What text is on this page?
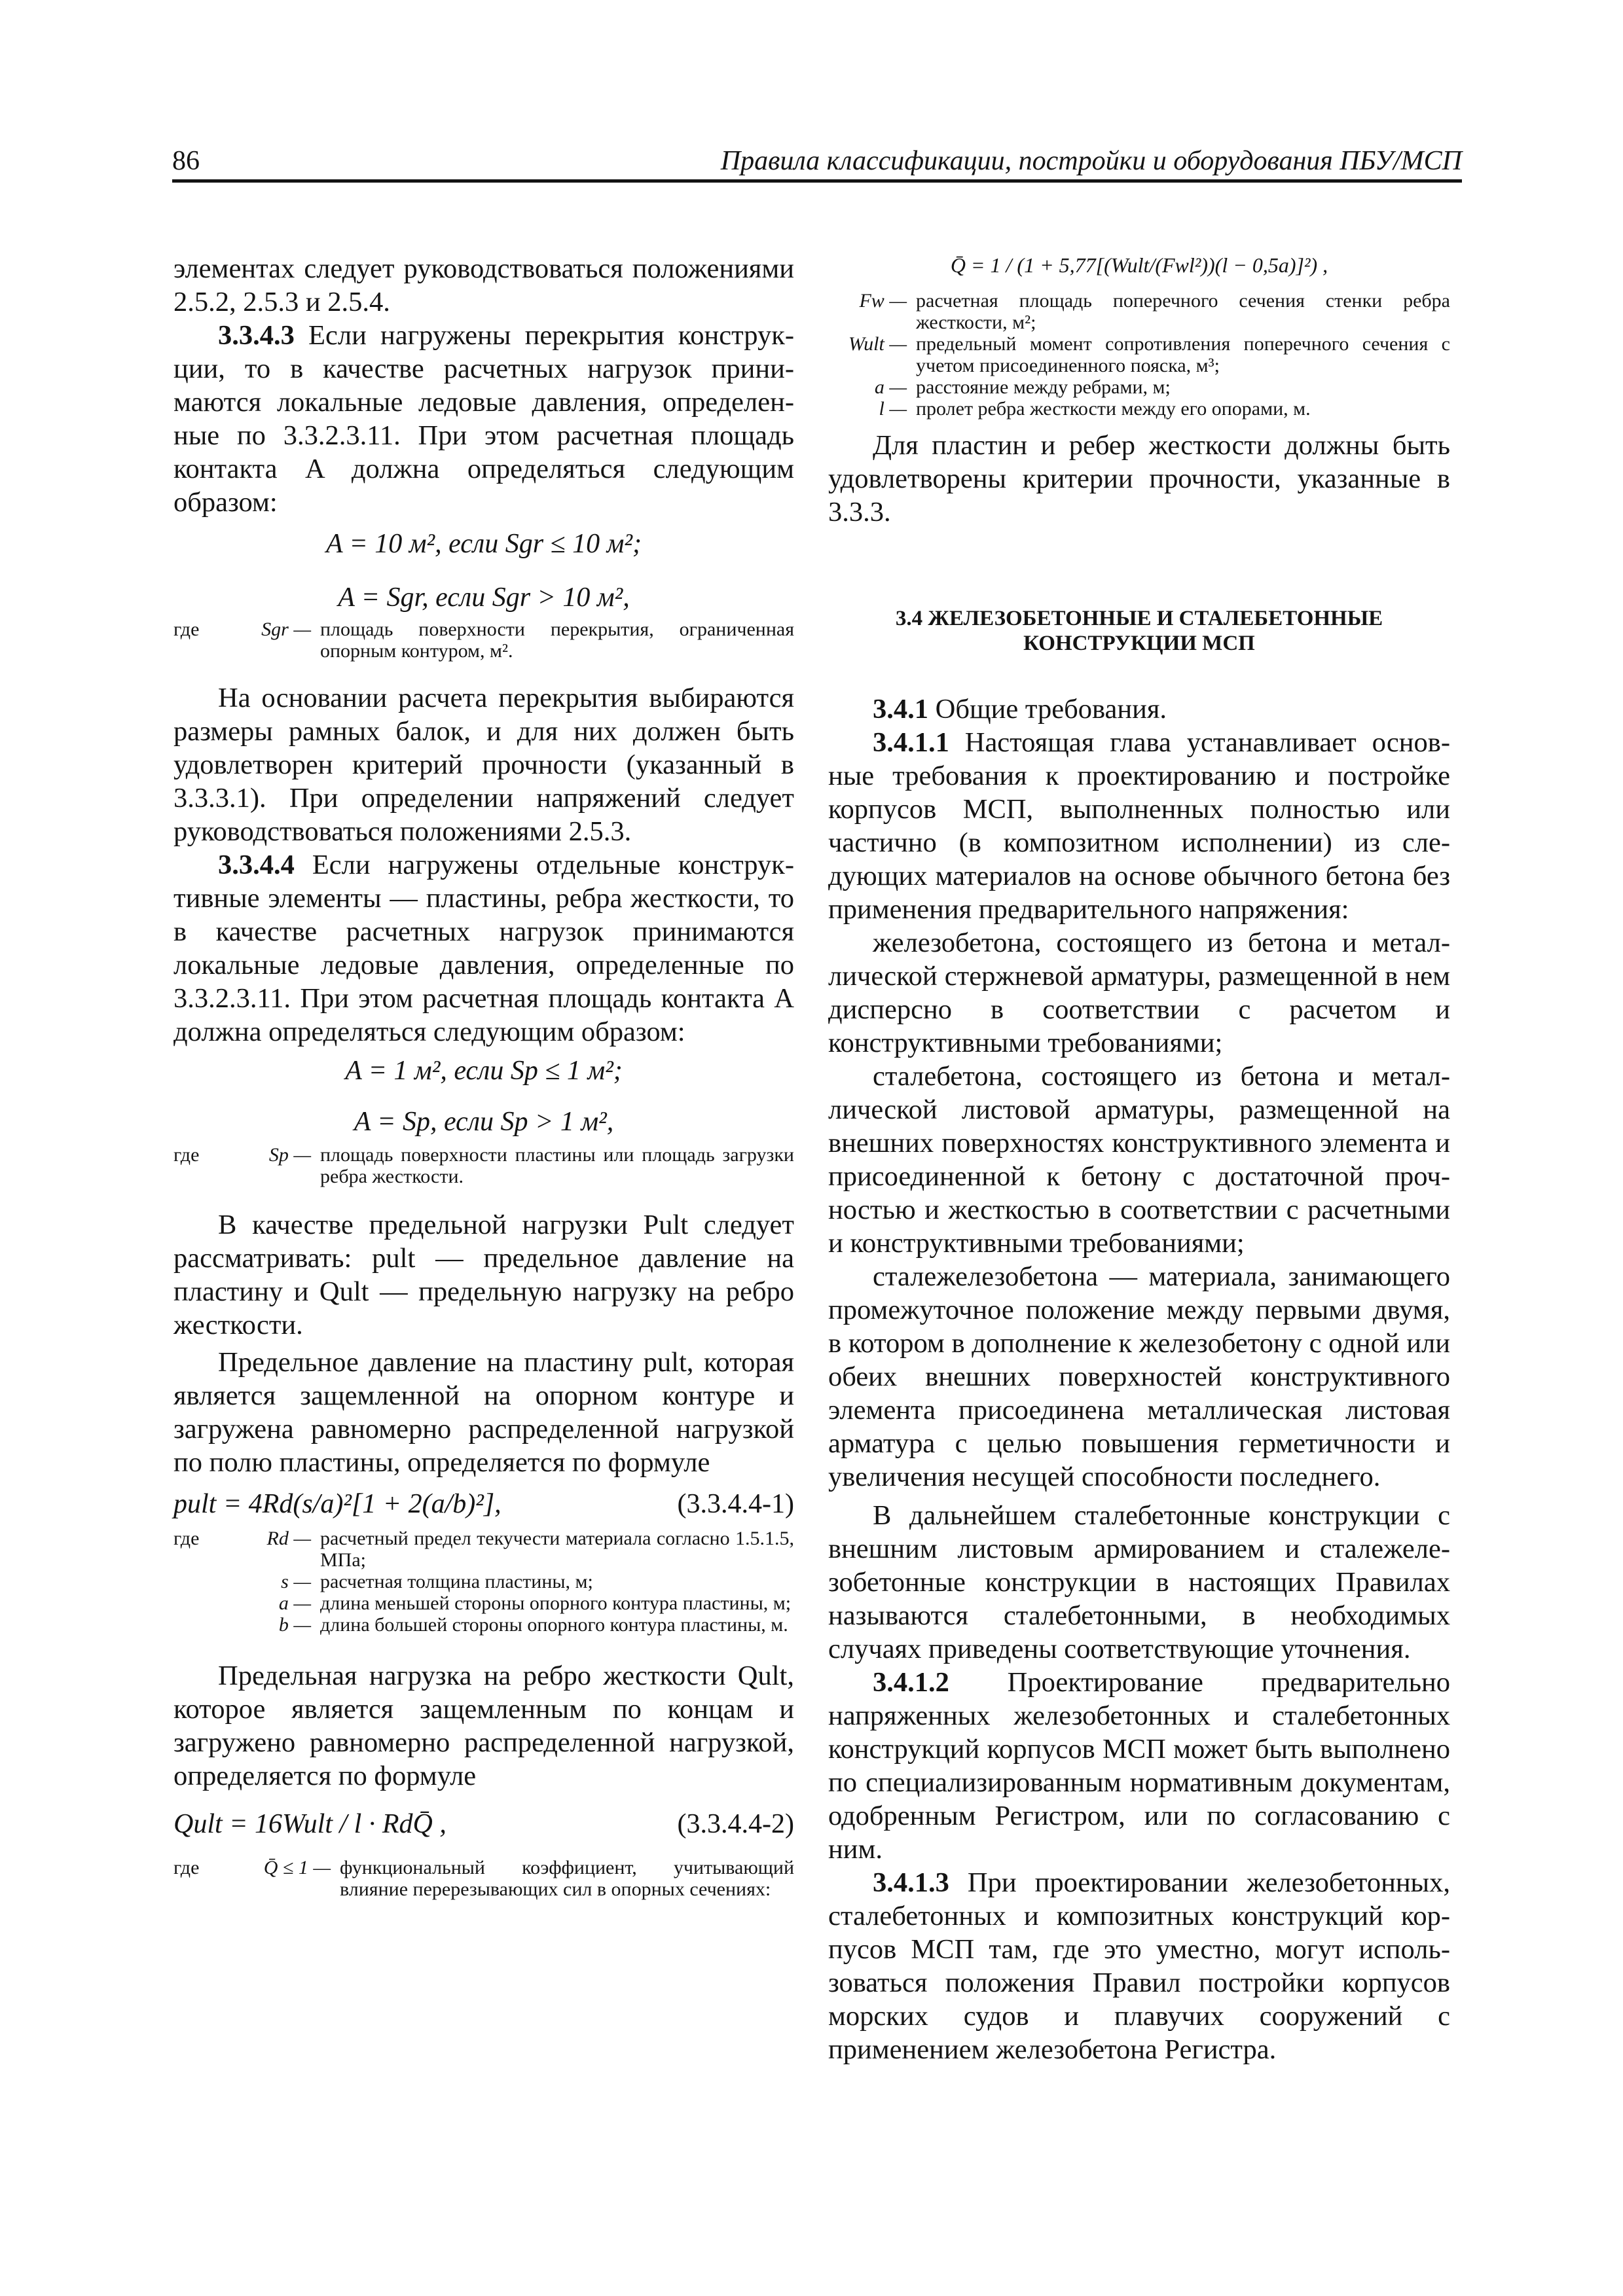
86	Правила классификации, постройки и оборудования ПБУ/МСП

элементах следует руководствоваться положениями 2.5.2, 2.5.3 и 2.5.4.

3.3.4.3 Если нагружены перекрытия конструкции, то в качестве расчетных нагрузок принимаются локальные ледовые давления, определенные по 3.3.2.3.11. При этом расчетная площадь контакта A должна определяться следующим образом:

A = 10 м², если Sgr ≤ 10 м²;

A = Sgr, если Sgr > 10 м²,

где	Sgr — площадь поверхности перекрытия, ограниченная опорным контуром, м².

На основании расчета перекрытия выбираются размеры рамных балок, и для них должен быть удовлетворен критерий прочности (указанный в 3.3.3.1). При определении напряжений следует руководствоваться положениями 2.5.3.

3.3.4.4 Если нагружены отдельные конструктивные элементы — пластины, ребра жесткости, то в качестве расчетных нагрузок принимаются локальные ледовые давления, определенные по 3.3.2.3.11. При этом расчетная площадь контакта A должна определяться следующим образом:

A = 1 м², если Sp ≤ 1 м²;

A = Sp, если Sp > 1 м²,

где	Sp — площадь поверхности пластины или площадь загрузки ребра жесткости.

В качестве предельной нагрузки Pult следует рассматривать: pult — предельное давление на пластину и Qult — предельную нагрузку на ребро жесткости.

Предельное давление на пластину pult, которая является защемленной на опорном контуре и загружена равномерно распределенной нагрузкой по полю пластины, определяется по формуле

pult = 4Rd(s/a)²[1 + 2(a/b)²],	(3.3.4.4-1)
где	Rd — расчетный предел текучести материала согласно 1.5.1.5, МПа;
s — расчетная толщина пластины, м;
a — длина меньшей стороны опорного контура пластины, м;
b — длина большей стороны опорного контура пластины, м.

Предельная нагрузка на ребро жесткости Qult, которое является защемленным по концам и загружено равномерно распределенной нагрузкой, определяется по формуле

Qult = 16Wult / l · RdQ̄ ,	(3.3.4.4-2)
где	Q̄ ≤ 1 — функциональный коэффициент, учитывающий влияние перерезывающих сил в опорных сечениях:

Q̄ = 1 / (1 + 5,77[(Wult/(Fwl²))(l − 0,5a)]²) ,

Fw — расчетная площадь поперечного сечения стенки ребра жесткости, м²;
Wult — предельный момент сопротивления поперечного сечения с учетом присоединенного пояска, м³;
a — расстояние между ребрами, м;
l — пролет ребра жесткости между его опорами, м.

Для пластин и ребер жесткости должны быть удовлетворены критерии прочности, указанные в 3.3.3.

3.4 ЖЕЛЕЗОБЕТОННЫЕ И СТАЛЕБЕТОННЫЕ

КОНСТРУКЦИИ МСП

3.4.1 Общие требования.

3.4.1.1 Настоящая глава устанавливает основные требования к проектированию и постройке корпусов МСП, выполненных полностью или частично (в композитном исполнении) из следующих материалов на основе обычного бетона без применения предварительного напряжения:

железобетона, состоящего из бетона и металлической стержневой арматуры, размещенной в нем дисперсно в соответствии с расчетом и конструктивными требованиями;

сталебетона, состоящего из бетона и металлической листовой арматуры, размещенной на внешних поверхностях конструктивного элемента и присоединенной к бетону с достаточной прочностью и жесткостью в соответствии с расчетными и конструктивными требованиями;

сталежелезобетона — материала, занимающего промежуточное положение между первыми двумя, в котором в дополнение к железобетону с одной или обеих внешних поверхностей конструктивного элемента присоединена металлическая листовая арматура с целью повышения герметичности и увеличения несущей способности последнего.

В дальнейшем сталебетонные конструкции с внешним листовым армированием и сталежелезобетонные конструкции в настоящих Правилах называются сталебетонными, в необходимых случаях приведены соответствующие уточнения.

3.4.1.2 Проектирование предварительно напряженных железобетонных и сталебетонных конструкций корпусов МСП может быть выполнено по специализированным нормативным документам, одобренным Регистром, или по согласованию с ним.

3.4.1.3 При проектировании железобетонных, сталебетонных и композитных конструкций корпусов МСП там, где это уместно, могут использоваться положения Правил постройки корпусов морских судов и плавучих сооружений с применением железобетона Регистра.
